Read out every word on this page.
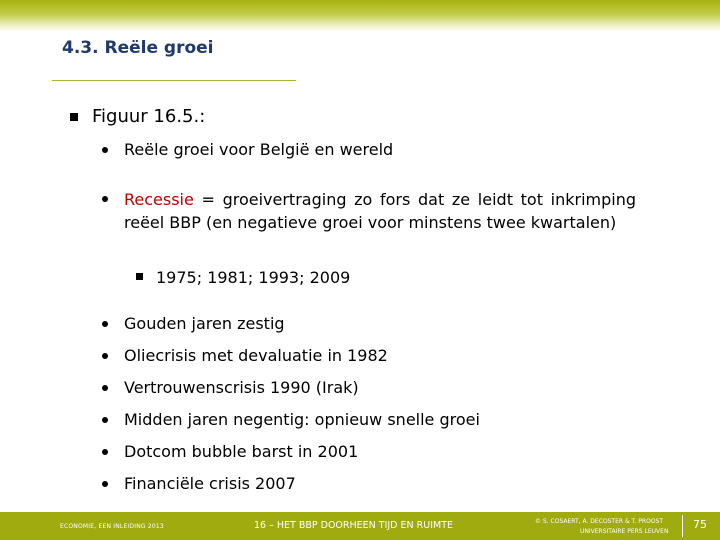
4.3. Reële groei
Figuur 16.5.:
Reële groei voor België en wereld
Recessie = groeivertraging zo fors dat ze leidt tot inkrimping reëel BBP (en negatieve groei voor minstens twee kwartalen)
1975; 1981; 1993; 2009
Gouden jaren zestig
Oliecrisis met devaluatie in 1982
Vertrouwenscrisis 1990 (Irak)
Midden jaren negentig: opnieuw snelle groei
Dotcom bubble barst in 2001
Financiële crisis 2007
ECONOMIE, EEN INLEIDING 2013	16 – HET BBP DOORHEEN TIJD EN RUIMTE	© S. COSAERT, A. DECOSTER & T. PROOST
UNIVERSITAIRE PERS LEUVEN
75
